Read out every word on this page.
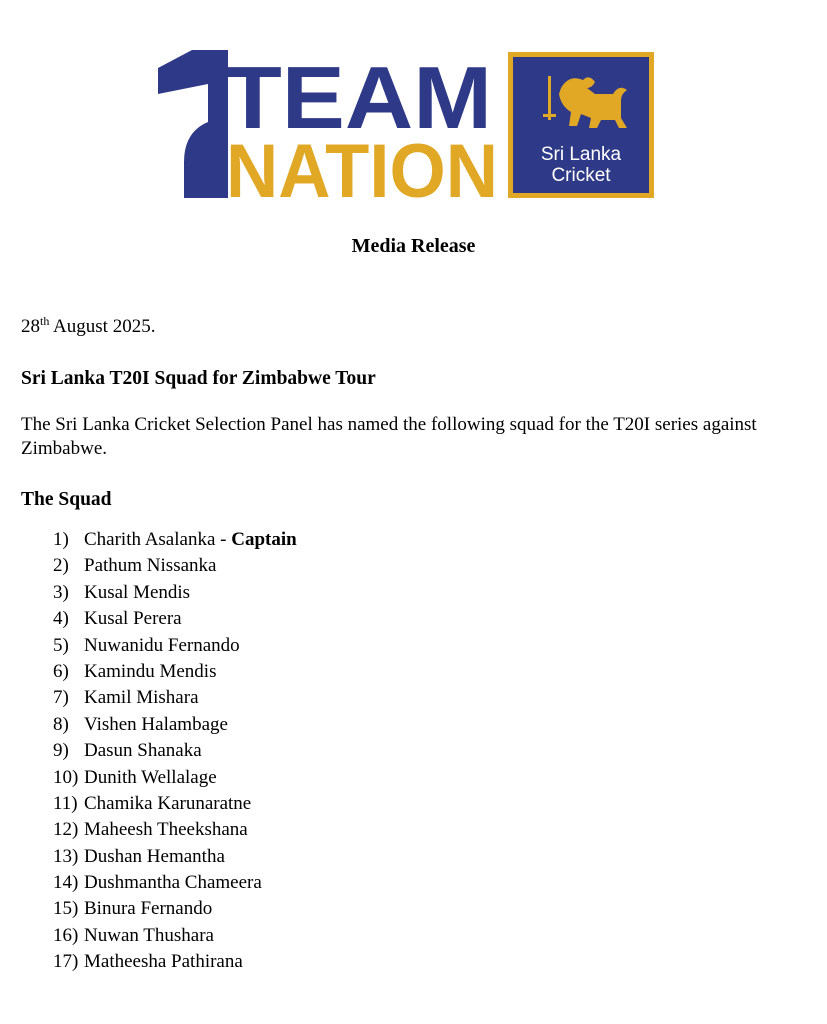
TEAM
NATION Sri Lanka
Cricket
Media Release
28th August 2025.
Sri Lanka T20I Squad for Zimbabwe Tour
The Sri Lanka Cricket Selection Panel has named the following squad for the T20I series against Zimbabwe.
The Squad
1) Charith Asalanka - Captain
2) Pathum Nissanka
3) Kusal Mendis
4) Kusal Perera
5) Nuwanidu Fernando
6) Kamindu Mendis
7) Kamil Mishara
8) Vishen Halambage
9) Dasun Shanaka
10) Dunith Wellalage
11) Chamika Karunaratne
12) Maheesh Theekshana
13) Dushan Hemantha
14) Dushmantha Chameera
15) Binura Fernando
16) Nuwan Thushara
17) Matheesha Pathirana
